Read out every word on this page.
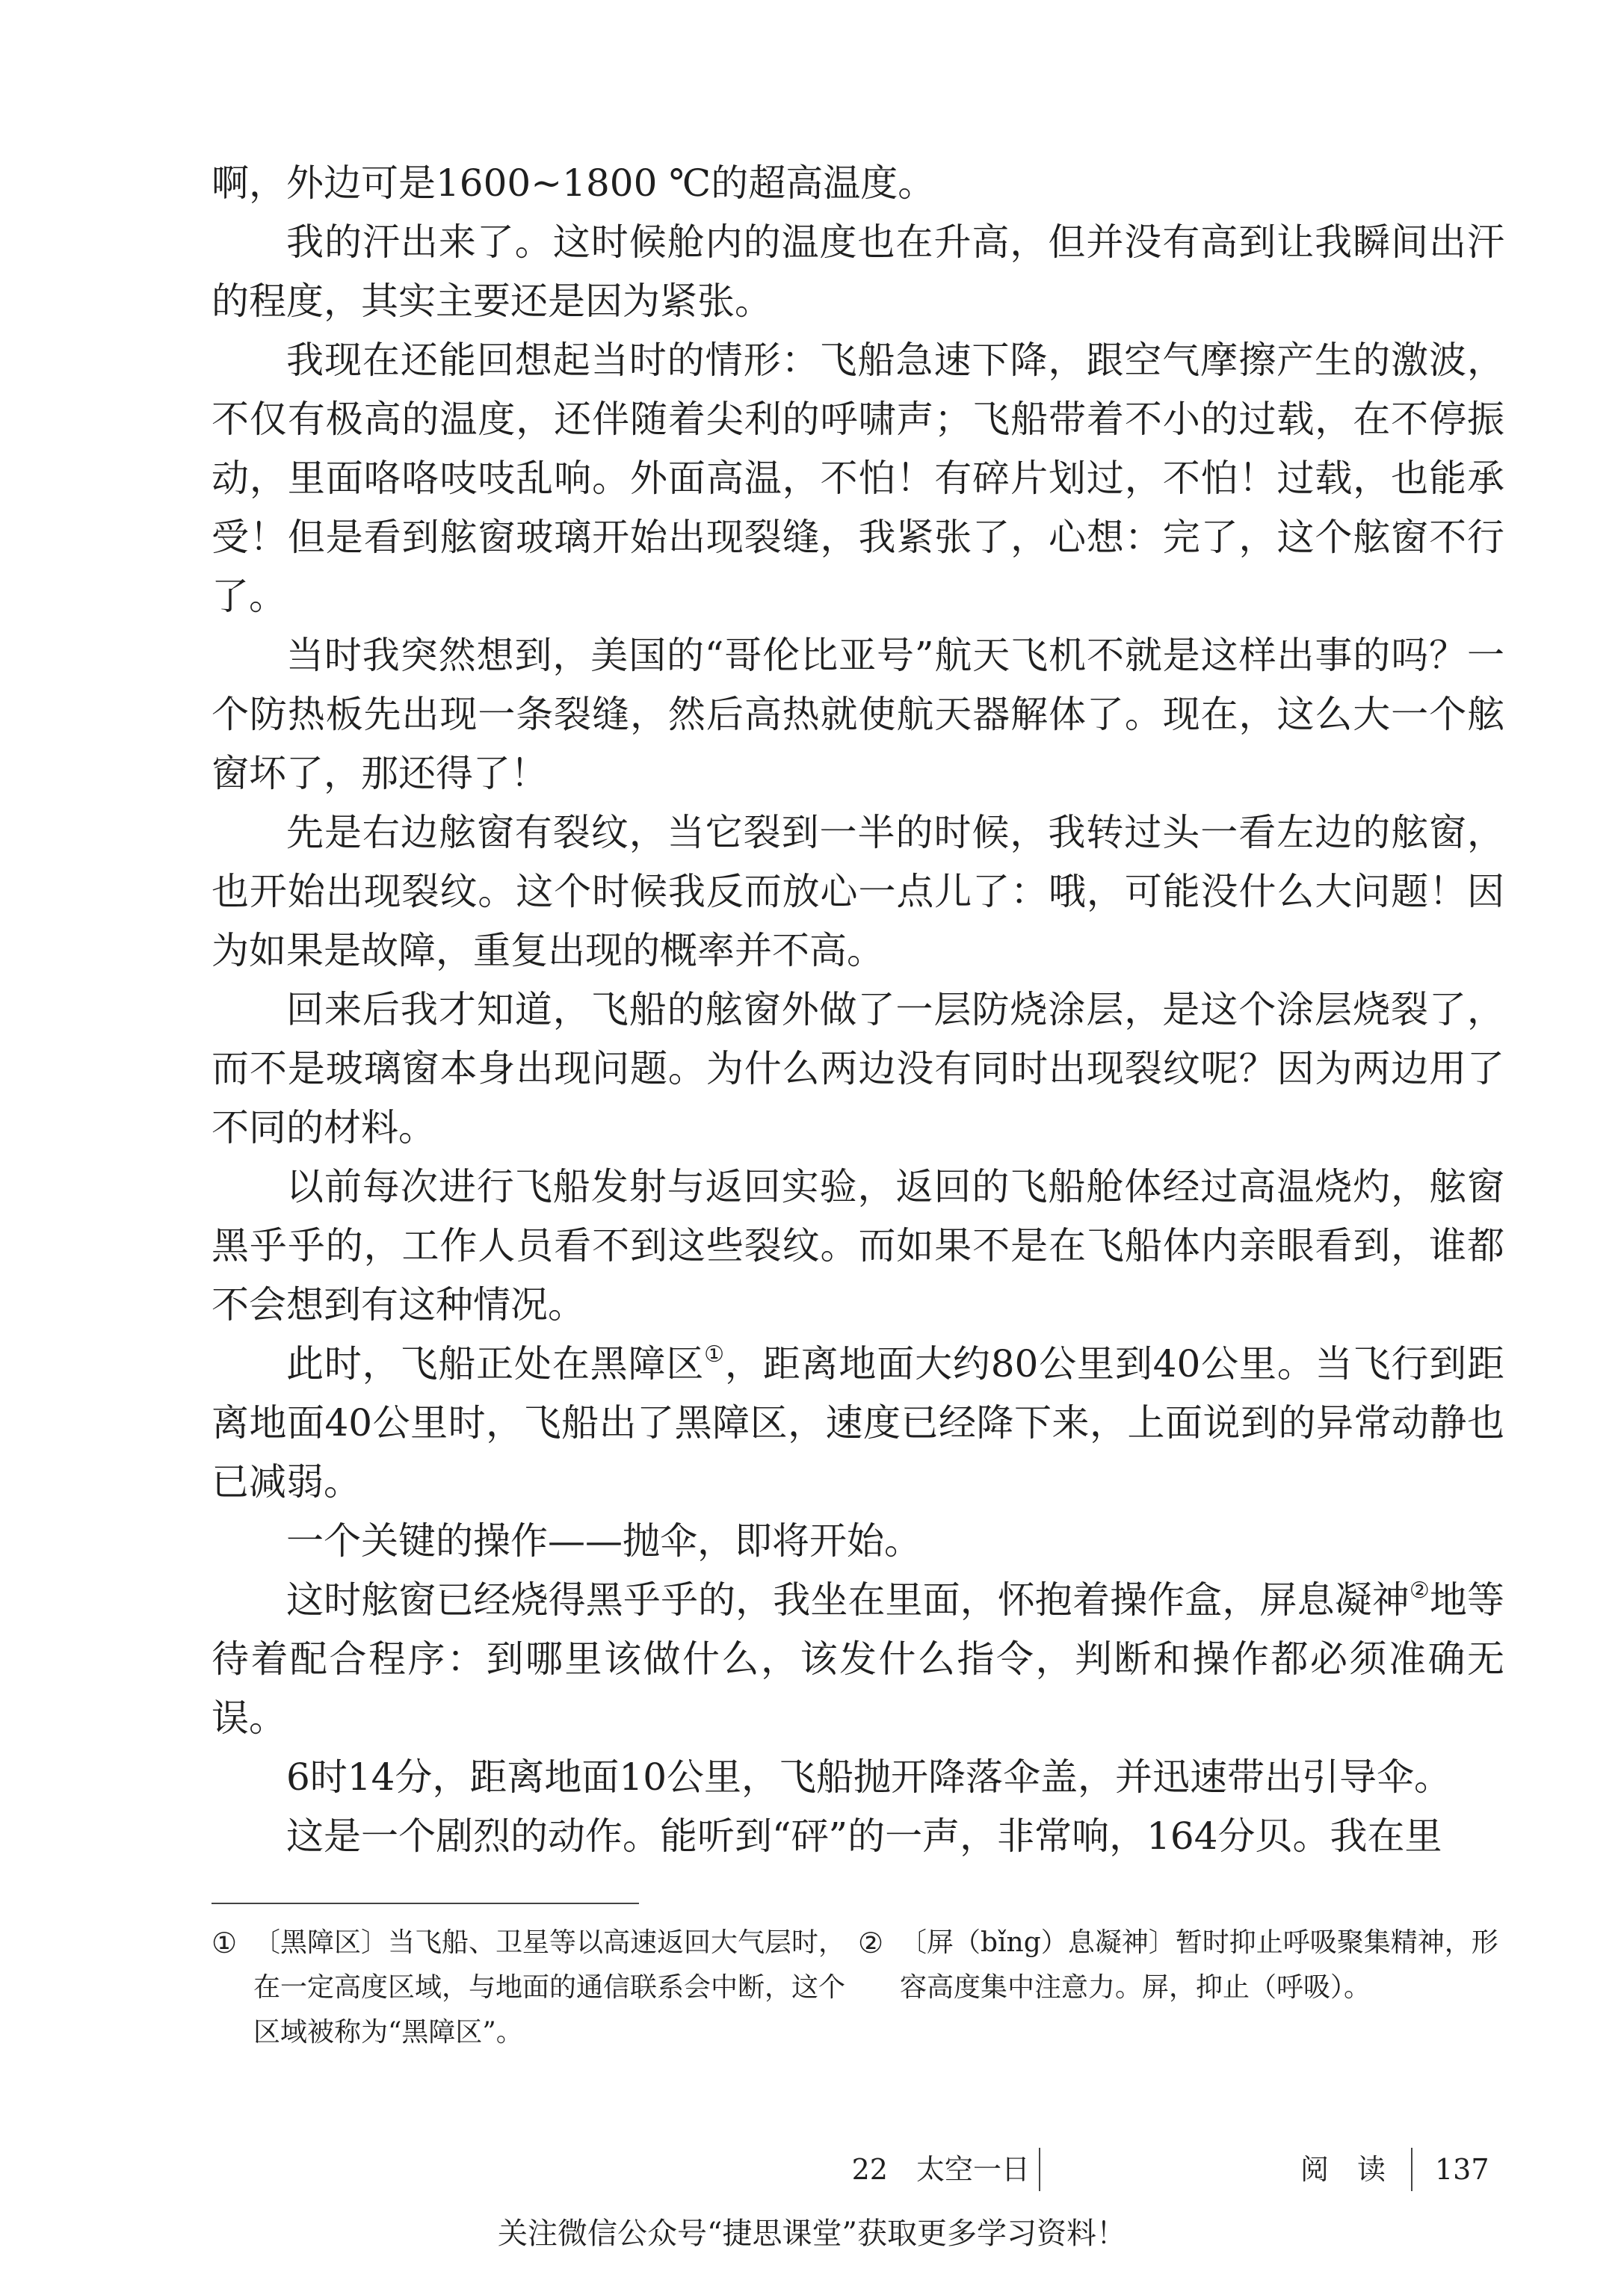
啊，外边可是1600~1800 ℃的超高温度。

我的汗出来了。这时候舱内的温度也在升高，但并没有高到让我瞬间出汗的程度，其实主要还是因为紧张。

我现在还能回想起当时的情形：飞船急速下降，跟空气摩擦产生的激波，不仅有极高的温度，还伴随着尖利的呼啸声；飞船带着不小的过载，在不停振动，里面咯咯吱吱乱响。外面高温，不怕！有碎片划过，不怕！过载，也能承受！但是看到舷窗玻璃开始出现裂缝，我紧张了，心想：完了，这个舷窗不行了。

当时我突然想到，美国的“哥伦比亚号”航天飞机不就是这样出事的吗？一个防热板先出现一条裂缝，然后高热就使航天器解体了。现在，这么大一个舷窗坏了，那还得了！

先是右边舷窗有裂纹，当它裂到一半的时候，我转过头一看左边的舷窗，也开始出现裂纹。这个时候我反而放心一点儿了：哦，可能没什么大问题！因为如果是故障，重复出现的概率并不高。

回来后我才知道，飞船的舷窗外做了一层防烧涂层，是这个涂层烧裂了，而不是玻璃窗本身出现问题。为什么两边没有同时出现裂纹呢？因为两边用了不同的材料。

以前每次进行飞船发射与返回实验，返回的飞船舱体经过高温烧灼，舷窗黑乎乎的，工作人员看不到这些裂纹。而如果不是在飞船体内亲眼看到，谁都不会想到有这种情况。

此时，飞船正处在黑障区①，距离地面大约80公里到40公里。当飞行到距离地面40公里时，飞船出了黑障区，速度已经降下来，上面说到的异常动静也已减弱。

一个关键的操作——抛伞，即将开始。

这时舷窗已经烧得黑乎乎的，我坐在里面，怀抱着操作盒，屏息凝神②地等待着配合程序：到哪里该做什么，该发什么指令，判断和操作都必须准确无误。

6时14分，距离地面10公里，飞船抛开降落伞盖，并迅速带出引导伞。

这是一个剧烈的动作。能听到“砰”的一声，非常响，164分贝。我在里

① 〔黑障区〕当飞船、卫星等以高速返回大气层时，在一定高度区域，与地面的通信联系会中断，这个区域被称为“黑障区”。
② 〔屏（bǐng）息凝神〕暂时抑止呼吸聚集精神，形容高度集中注意力。屏，抑止（呼吸）。
22　 太空一日	阅　读 137
关注微信公众号“捷思课堂”获取更多学习资料！
